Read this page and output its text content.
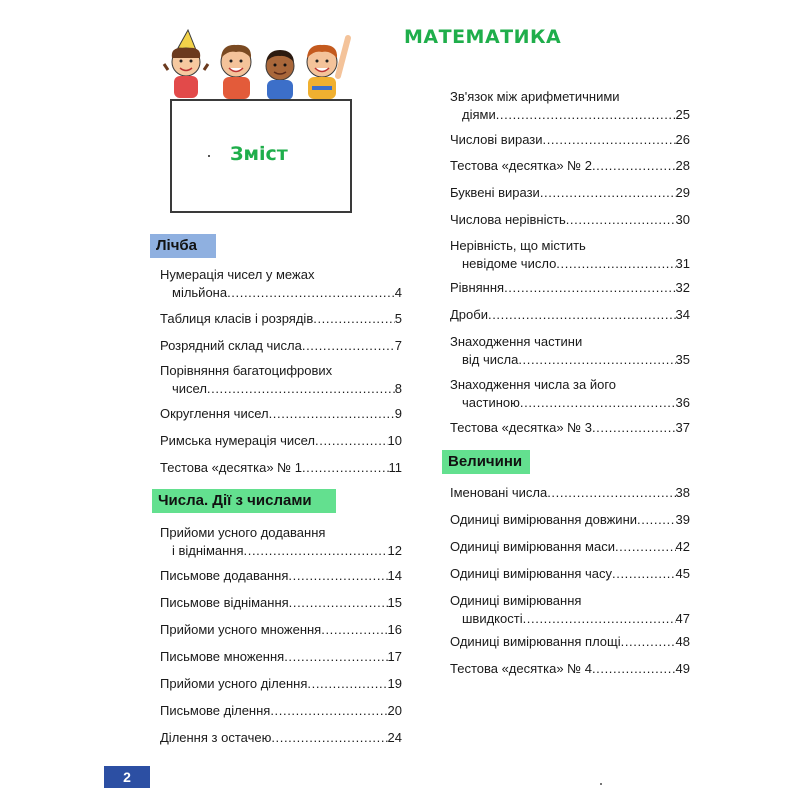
МАТЕМАТИКА
Зміст
Лічба
Нумерація чисел у межах
мільйона .....	4
Таблиця класів і розрядів .....	5
Розрядний склад числа .....	7
Порівняння багатоцифрових
чисел .....	8
Округлення чисел .....	9
Римська нумерація чисел .....	10
Тестова «десятка» № 1 .....	11
Числа. Дії з числами
Прийоми усного додавання
і віднімання .....	12
Письмове додавання .....	14
Письмове віднімання .....	15
Прийоми усного множення .....	16
Письмове множення .....	17
Прийоми усного ділення .....	19
Письмове ділення .....	20
Ділення з остачею .....	24
Зв'язок між арифметичними
діями .....	25
Числові вирази .....	26
Тестова «десятка» № 2 .....	28
Буквені вирази .....	29
Числова нерівність .....	30
Нерівність, що містить
невідоме число .....	31
Рівняння .....	32
Дроби .....	34
Знаходження частини
від числа .....	35
Знаходження числа за його
частиною .....	36
Тестова «десятка» № 3 .....	37
Величини
Іменовані числа .....	38
Одиниці вимірювання довжини .....	39
Одиниці вимірювання маси .....	42
Одиниці вимірювання часу .....	45
Одиниці вимірювання
швидкості .....	47
Одиниці вимірювання площі .....	48
Тестова «десятка» № 4 .....	49
2
